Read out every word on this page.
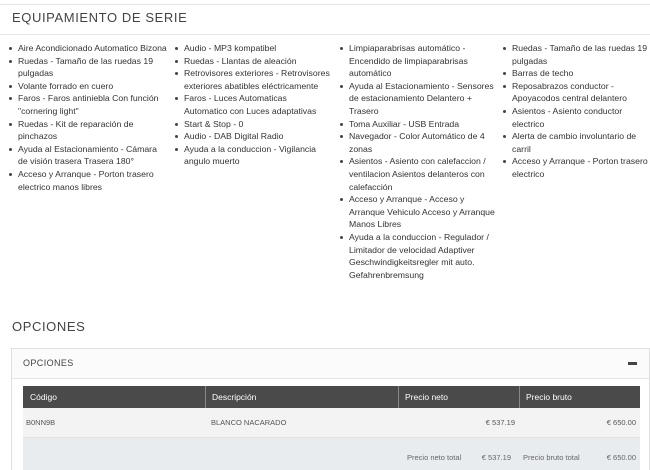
EQUIPAMIENTO DE SERIE
Aire Acondicionado Automatico Bizona
Ruedas - Tamaño de las ruedas 19 pulgadas
Volante forrado en cuero
Faros - Faros antiniebla Con función "cornering light"
Ruedas - Kit de reparación de pinchazos
Ayuda al Estacionamiento - Cámara de visión trasera Trasera 180°
Acceso y Arranque - Porton trasero electrico manos libres
Audio - MP3 kompatibel
Ruedas - Llantas de aleación
Retrovisores exteriores - Retrovisores exteriores abatibles eléctricamente
Faros - Luces Automaticas Automatico con Luces adaptativas
Start & Stop - 0
Audio - DAB Digital Radio
Ayuda a la conduccion - Vigilancia angulo muerto
Limpiaparabrisas automático - Encendido de limpiaparabrisas automático
Ayuda al Estacionamiento - Sensores de estacionamiento Delantero + Trasero
Toma Auxiliar - USB Entrada
Navegador - Color Automático de 4 zonas
Asientos - Asiento con calefaccion / ventilacion Asientos delanteros con calefacción
Acceso y Arranque - Acceso y Arranque Vehiculo Acceso y Arranque Manos Libres
Ayuda a la conduccion - Regulador / Limitador de velocidad Adaptiver Geschwindigkeitsregler mit auto. Gefahrenbremsung
Ruedas - Tamaño de las ruedas 19 pulgadas
Barras de techo
Reposabrazos conductor - Apoyacodos central delantero
Asientos - Asiento conductor electrico
Alerta de cambio involuntario de carril
Acceso y Arranque - Porton trasero electrico
OPCIONES
OPCIONES
Código	Descripción	Precio neto	Precio bruto
B0NN9B	BLANCO NACARADO	€ 537.19	€ 650.00
Precio neto total	€ 537.19 Precio bruto total	€ 650.00
